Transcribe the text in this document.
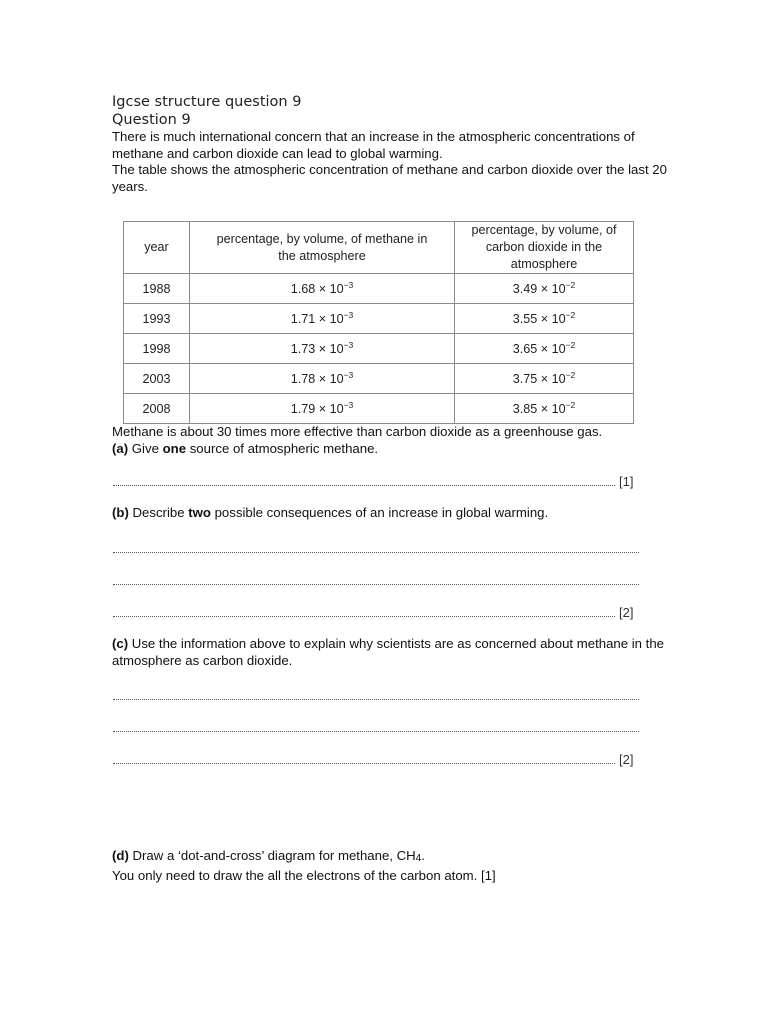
Igcse structure question 9
Question 9
There is much international concern that an increase in the atmospheric concentrations of methane and carbon dioxide can lead to global warming.
The table shows the atmospheric concentration of methane and carbon dioxide over the last 20 years.
year	percentage, by volume, of methane in the atmosphere	percentage, by volume, of carbon dioxide in the atmosphere
1988	$1.68 \times 10^{-3}$	$3.49 \times 10^{-2}$
1993	$1.71 \times 10^{-3}$	$3.55 \times 10^{-2}$
1998	$1.73 \times 10^{-3}$	$3.65 \times 10^{-2}$
2003	$1.78 \times 10^{-3}$	$3.75 \times 10^{-2}$
2008	$1.79 \times 10^{-3}$	$3.85 \times 10^{-2}$
Methane is about 30 times more effective than carbon dioxide as a greenhouse gas.
(a) Give one source of atmospheric methane.
[1]
(b) Describe two possible consequences of an increase in global warming.
[2]
(c) Use the information above to explain why scientists are as concerned about methane in the atmosphere as carbon dioxide.
[2]
(d) Draw a ‘dot-and-cross’ diagram for methane, CH4.
You only need to draw the all the electrons of the carbon atom. [1]
